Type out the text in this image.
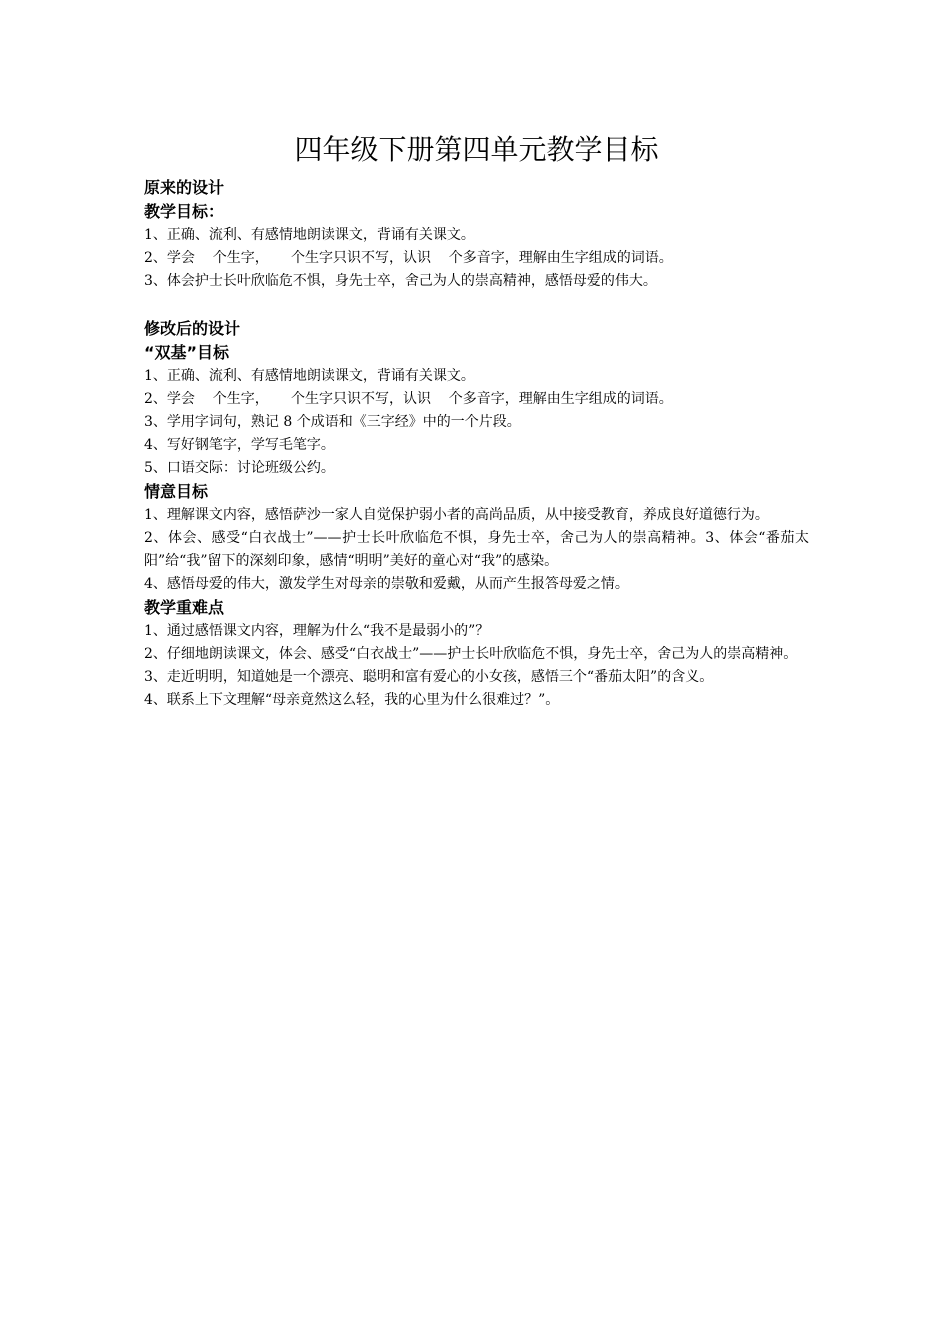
四年级下册第四单元教学目标

原来的设计

教学目标：

1、正确、流利、有感情地朗读课文，背诵有关课文。

2、学会    个生字，     个生字只识不写，认识    个多音字，理解由生字组成的词语。

3、体会护士长叶欣临危不惧，身先士卒，舍己为人的崇高精神，感悟母爱的伟大。

修改后的设计

“双基”目标

1、正确、流利、有感情地朗读课文，背诵有关课文。

2、学会    个生字，     个生字只识不写，认识    个多音字，理解由生字组成的词语。

3、学用字词句，熟记 8 个成语和《三字经》中的一个片段。

4、写好钢笔字，学写毛笔字。

5、口语交际：讨论班级公约。

情意目标

1、理解课文内容，感悟萨沙一家人自觉保护弱小者的高尚品质，从中接受教育，养成良好道德行为。

2、体会、感受“白衣战士”——护士长叶欣临危不惧，身先士卒，舍己为人的崇高精神。3、体会“番茄太阳”给“我”留下的深刻印象，感情“明明”美好的童心对“我”的感染。

4、感悟母爱的伟大，激发学生对母亲的崇敬和爱戴，从而产生报答母爱之情。

教学重难点

1、通过感悟课文内容，理解为什么“我不是最弱小的”？

2、仔细地朗读课文，体会、感受“白衣战士”——护士长叶欣临危不惧，身先士卒，舍己为人的崇高精神。

3、走近明明，知道她是一个漂亮、聪明和富有爱心的小女孩，感悟三个“番茄太阳”的含义。

4、联系上下文理解“母亲竟然这么轻，我的心里为什么很难过？”。
